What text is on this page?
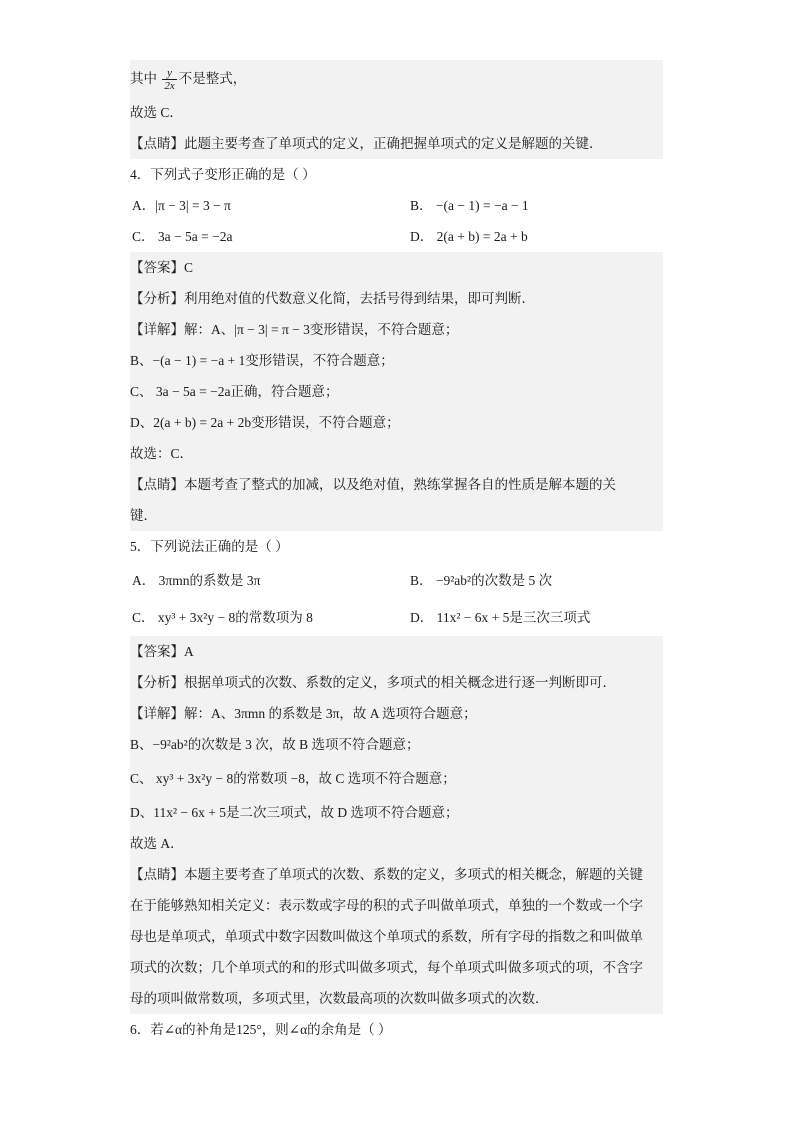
其中 $\frac{y}{2x}$ 不是整式，
故选 C．
【点睛】此题主要考查了单项式的定义，正确把握单项式的定义是解题的关键．
4．下列式子变形正确的是（ ）
A．|π − 3| = 3 − π	B． −(a − 1) = −a − 1
C． 3a − 5a = −2a	D． 2(a + b) = 2a + b
【答案】C
【分析】利用绝对值的代数意义化简，去括号得到结果，即可判断．
【详解】解：A、|π − 3| = π − 3变形错误，不符合题意；
B、−(a − 1) = −a + 1变形错误，不符合题意；
C、 3a − 5a = −2a正确，符合题意；
D、2(a + b) = 2a + 2b变形错误，不符合题意；
故选：C．
【点睛】本题考查了整式的加减，以及绝对值，熟练掌握各自的性质是解本题的关
键．
5．下列说法正确的是（ ）
A． 3πmn的系数是 3π	B． −9²ab²的次数是 5 次
C． xy³ + 3x²y − 8的常数项为 8	D． 11x² − 6x + 5是三次三项式
【答案】A
【分析】根据单项式的次数、系数的定义，多项式的相关概念进行逐一判断即可．
【详解】解：A、3πmn 的系数是 3π，故 A 选项符合题意；
B、−9²ab²的次数是 3 次，故 B 选项不符合题意；
C、 xy³ + 3x²y − 8的常数项 −8，故 C 选项不符合题意；
D、11x² − 6x + 5是二次三项式，故 D 选项不符合题意；
故选 A．
【点睛】本题主要考查了单项式的次数、系数的定义，多项式的相关概念，解题的关键
在于能够熟知相关定义：表示数或字母的积的式子叫做单项式，单独的一个数或一个字
母也是单项式，单项式中数字因数叫做这个单项式的系数，所有字母的指数之和叫做单
项式的次数；几个单项式的和的形式叫做多项式，每个单项式叫做多项式的项，不含字
母的项叫做常数项，多项式里，次数最高项的次数叫做多项式的次数．
6．若∠α的补角是125°，则∠α的余角是（ ）
